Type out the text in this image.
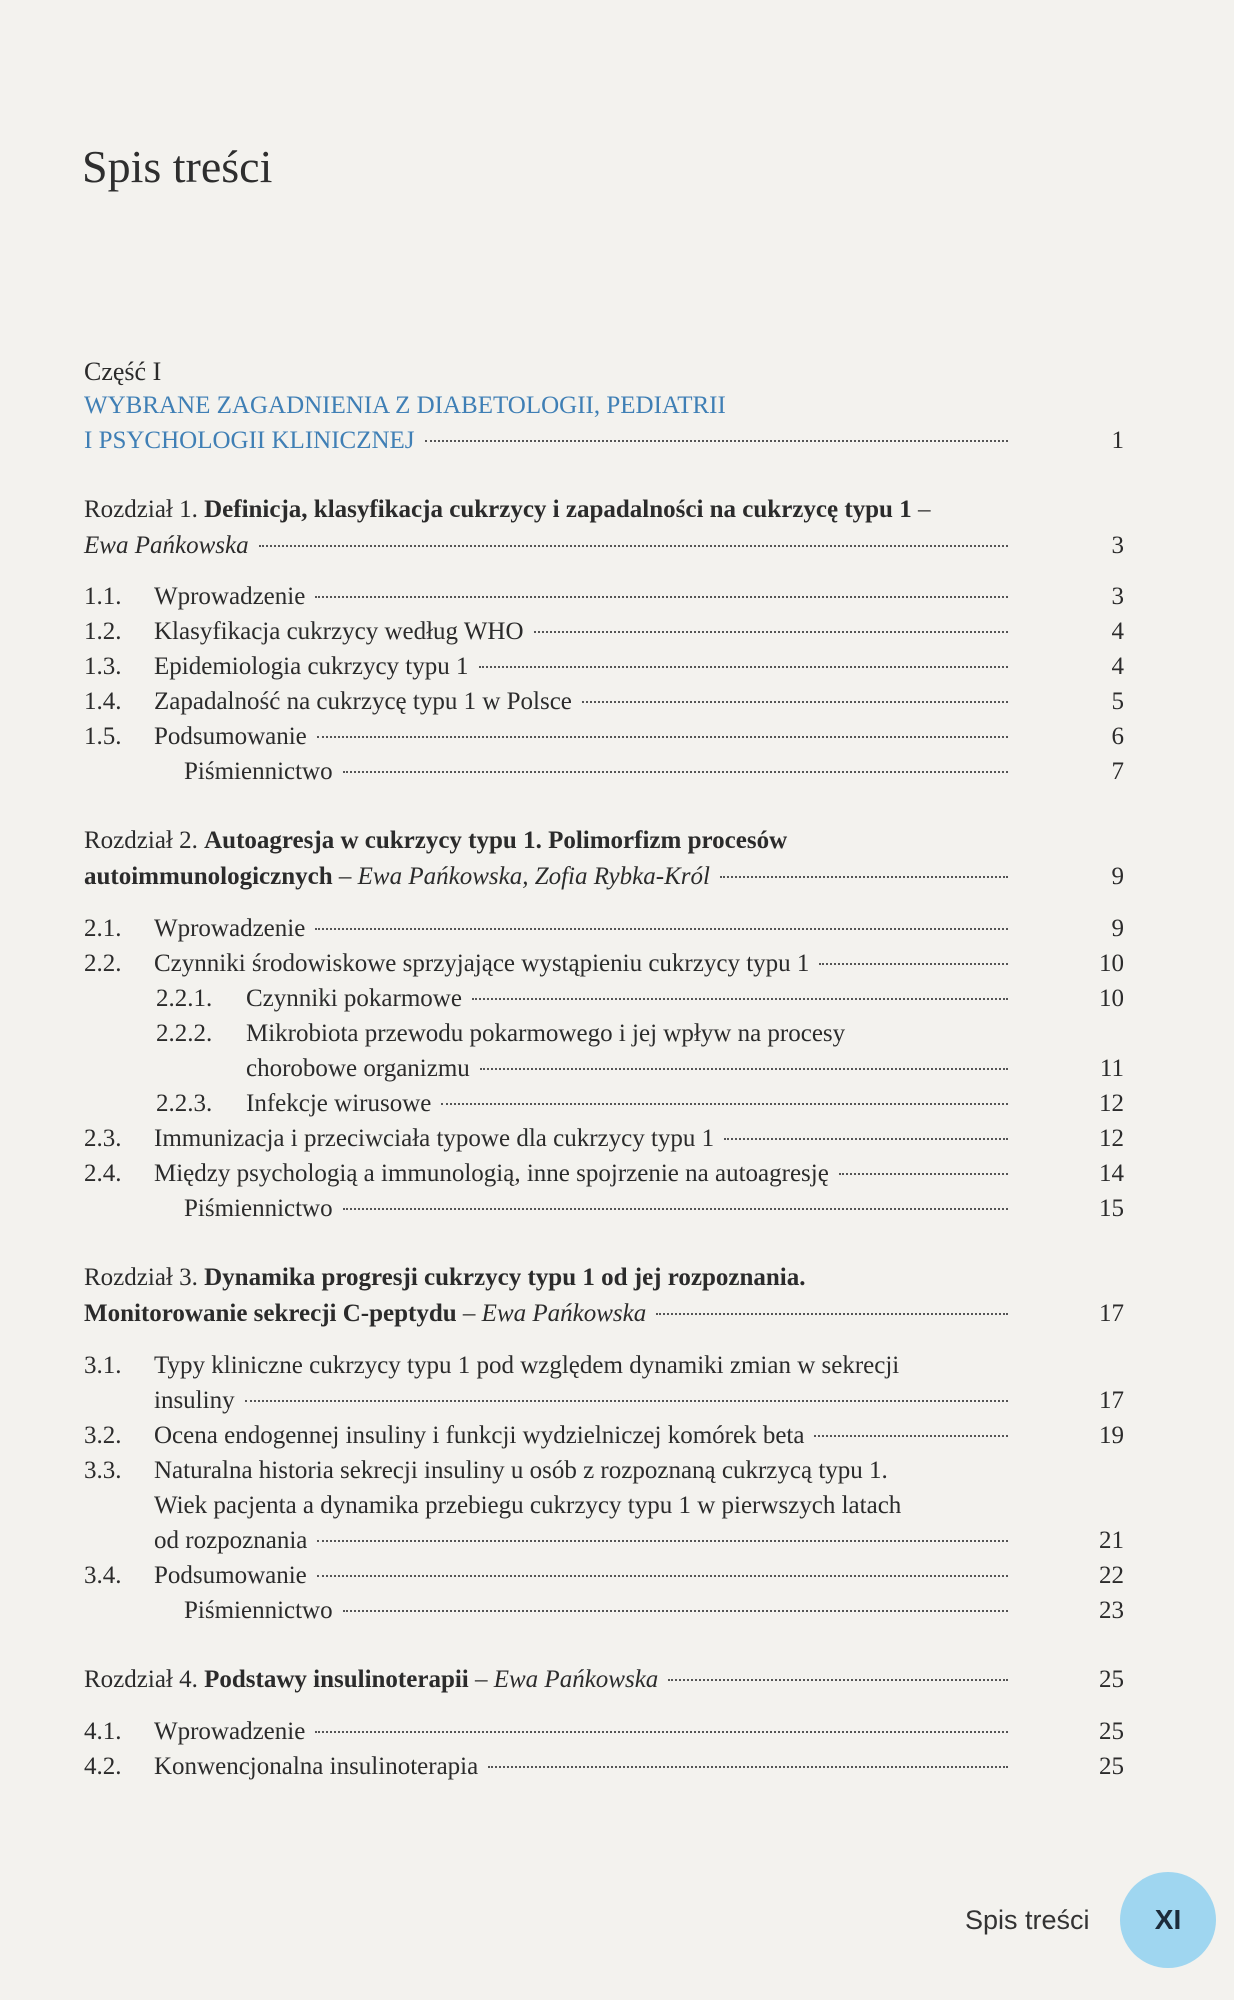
Spis treści
Część I
WYBRANE ZAGADNIENIA Z DIABETOLOGII, PEDIATRII
I PSYCHOLOGII KLINICZNEJ	1
Rozdział 1. Definicja, klasyfikacja cukrzycy i zapadalności na cukrzycę typu 1 –
Ewa Pańkowska	3
1.1.	Wprowadzenie	3
1.2.	Klasyfikacja cukrzycy według WHO	4
1.3.	Epidemiologia cukrzycy typu 1	4
1.4.	Zapadalność na cukrzycę typu 1 w Polsce	5
1.5.	Podsumowanie	6
Piśmiennictwo	7
Rozdział 2. Autoagresja w cukrzycy typu 1. Polimorfizm procesów
autoimmunologicznych – Ewa Pańkowska, Zofia Rybka-Król	9
2.1.	Wprowadzenie	9
2.2.	Czynniki środowiskowe sprzyjające wystąpieniu cukrzycy typu 1	10
2.2.1.	Czynniki pokarmowe	10
2.2.2.	Mikrobiota przewodu pokarmowego i jej wpływ na procesy
chorobowe organizmu	11
2.2.3.	Infekcje wirusowe	12
2.3.	Immunizacja i przeciwciała typowe dla cukrzycy typu 1	12
2.4.	Między psychologią a immunologią, inne spojrzenie na autoagresję	14
Piśmiennictwo	15
Rozdział 3. Dynamika progresji cukrzycy typu 1 od jej rozpoznania.
Monitorowanie sekrecji C-peptydu – Ewa Pańkowska	17
3.1.	Typy kliniczne cukrzycy typu 1 pod względem dynamiki zmian w sekrecji
insuliny	17
3.2.	Ocena endogennej insuliny i funkcji wydzielniczej komórek beta	19
3.3.	Naturalna historia sekrecji insuliny u osób z rozpoznaną cukrzycą typu 1.
Wiek pacjenta a dynamika przebiegu cukrzycy typu 1 w pierwszych latach
od rozpoznania	21
3.4.	Podsumowanie	22
Piśmiennictwo	23
Rozdział 4. Podstawy insulinoterapii – Ewa Pańkowska	25
4.1.	Wprowadzenie	25
4.2.	Konwencjonalna insulinoterapia	25
Spis treści	XI
